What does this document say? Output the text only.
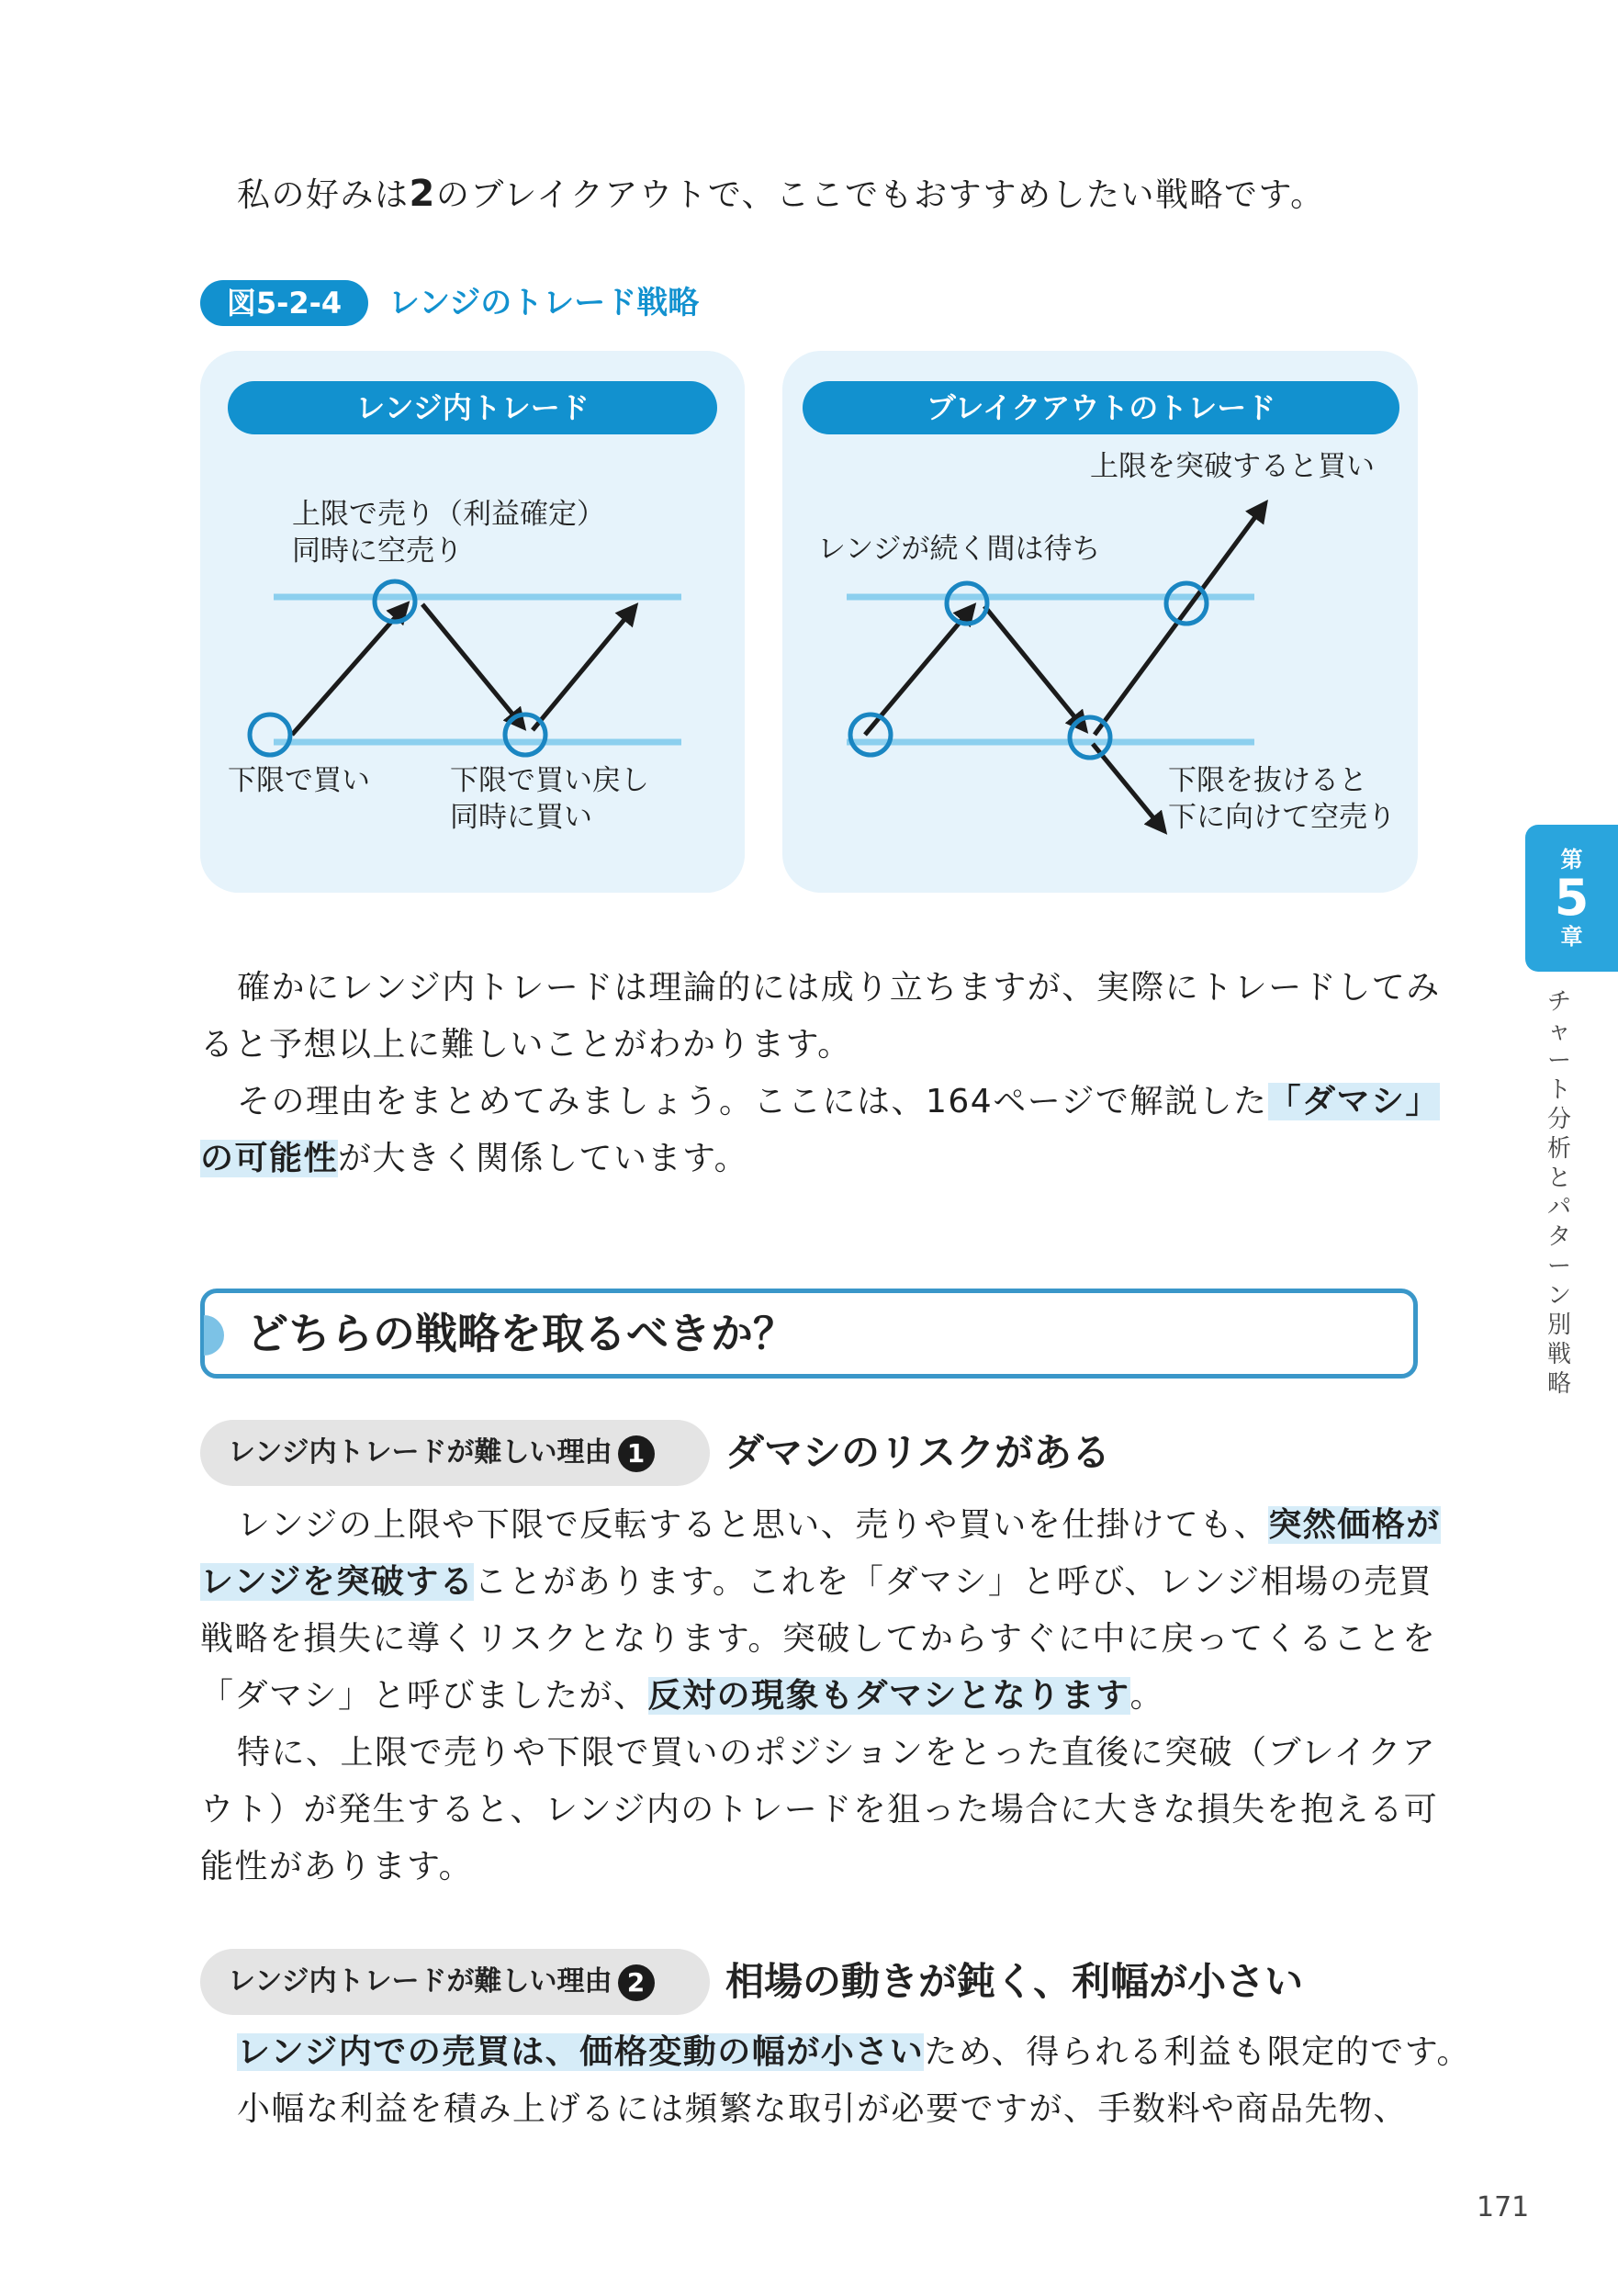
私の好みは2のブレイクアウトで、ここでもおすすめしたい戦略です。
図5-2-4	レンジのトレード戦略
レンジ内トレード
上限で売り（利益確定）
同時に空売り
下限で買い	下限で買い戻し
同時に買い
ブレイクアウトのトレード
上限を突破すると買い
レンジが続く間は待ち
下限を抜けると
下に向けて空売り
確かにレンジ内トレードは理論的には成り立ちますが、実際にトレードしてみ
ると予想以上に難しいことがわかります。
その理由をまとめてみましょう。ここには、164ページで解説した「ダマシ」
の可能性が大きく関係しています。
どちらの戦略を取るべきか？
レンジ内トレードが難しい理由 1	ダマシのリスクがある
レンジの上限や下限で反転すると思い、売りや買いを仕掛けても、突然価格が
レンジを突破することがあります。これを「ダマシ」と呼び、レンジ相場の売買
戦略を損失に導くリスクとなります。突破してからすぐに中に戻ってくることを
「ダマシ」と呼びましたが、反対の現象もダマシとなります。
特に、上限で売りや下限で買いのポジションをとった直後に突破（ブレイクア
ウト）が発生すると、レンジ内のトレードを狙った場合に大きな損失を抱える可
能性があります。
レンジ内トレードが難しい理由 2	相場の動きが鈍く、利幅が小さい
レンジ内での売買は、価格変動の幅が小さいため、得られる利益も限定的です。
小幅な利益を積み上げるには頻繁な取引が必要ですが、手数料や商品先物、
第
5
章
チャート分析とパターン別戦略
171
